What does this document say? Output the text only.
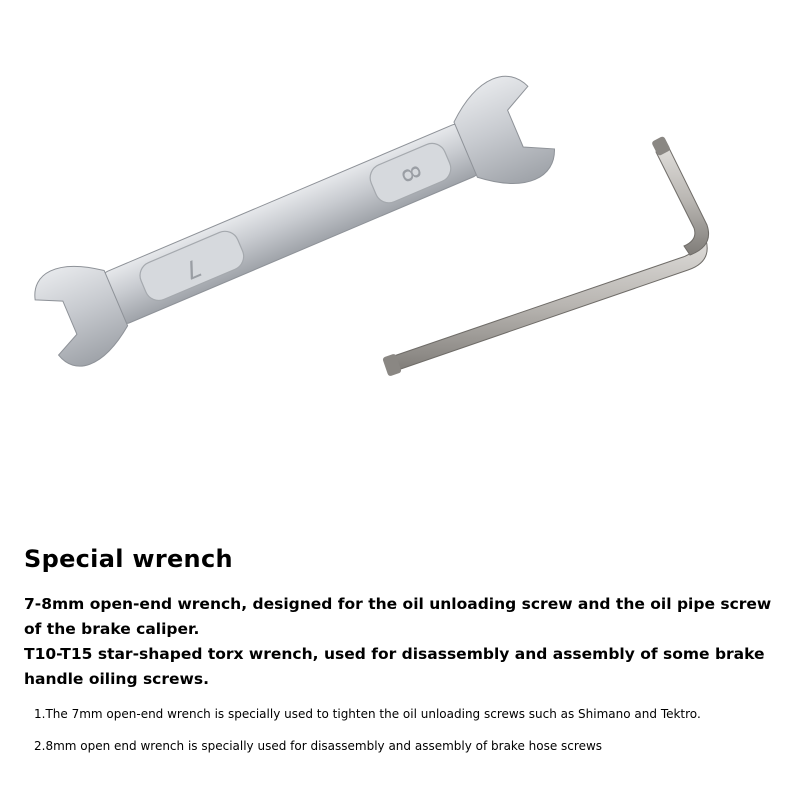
7
8
Special wrench

7-8mm open-end wrench, designed for the oil unloading screw and the oil pipe screw of the brake caliper.

T10-T15 star-shaped torx wrench, used for disassembly and assembly of some brake handle oiling screws.

1.The 7mm open-end wrench is specially used to tighten the oil unloading screws such as Shimano and Tektro.

2.8mm open end wrench is specially used for disassembly and assembly of brake hose screws
